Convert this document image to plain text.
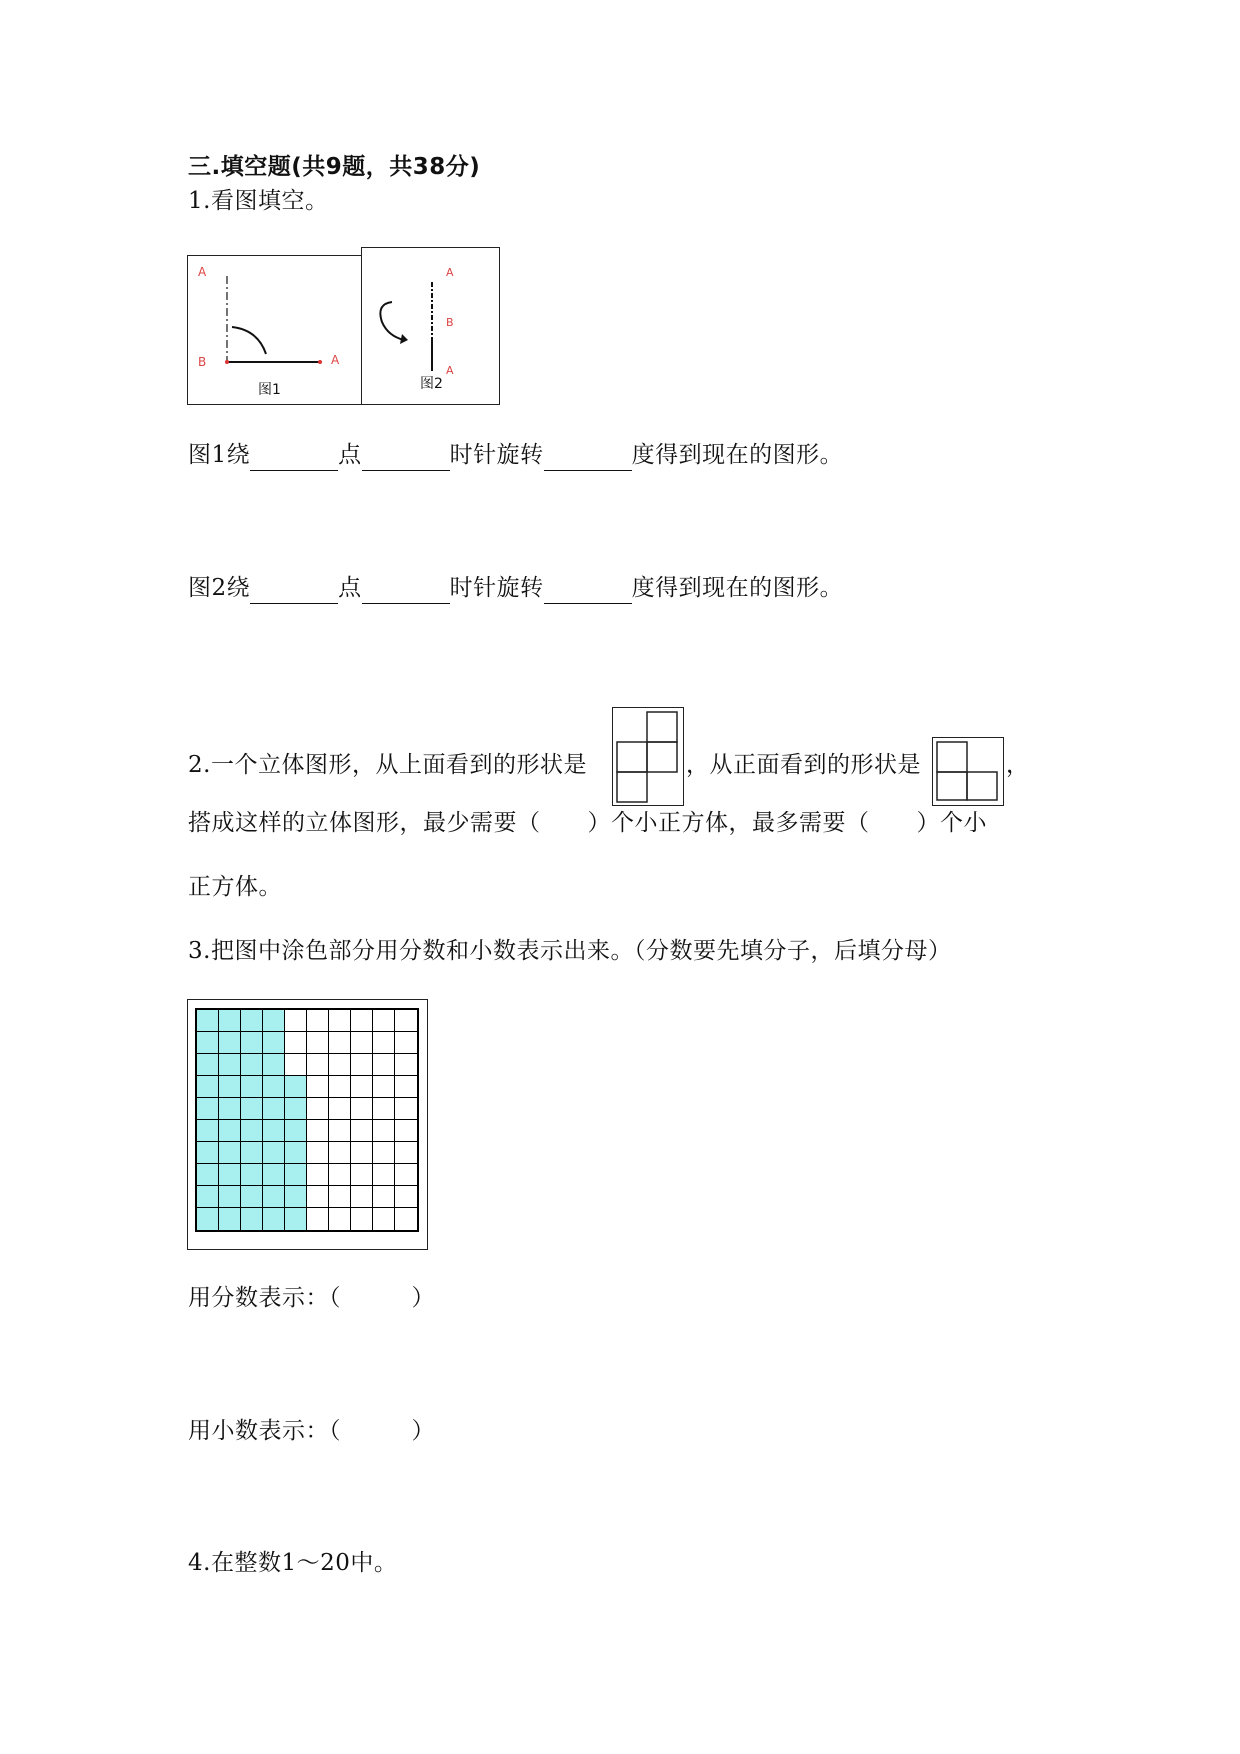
三.填空题(共9题，共38分)
1.看图填空。
A
B	A
图1
A
B
A
图2
图1绕	点	时针旋转	度得到现在的图形。
图2绕	点	时针旋转	度得到现在的图形。
2.一个立体图形，从上面看到的形状是	，从正面看到的形状是	，
搭成这样的立体图形，最少需要（　　）个小正方体，最多需要（　　）个小
正方体。
3.把图中涂色部分用分数和小数表示出来。（分数要先填分子，后填分母）
用分数表示：（　　　）
用小数表示：（　　　）
4.在整数1～20中。
